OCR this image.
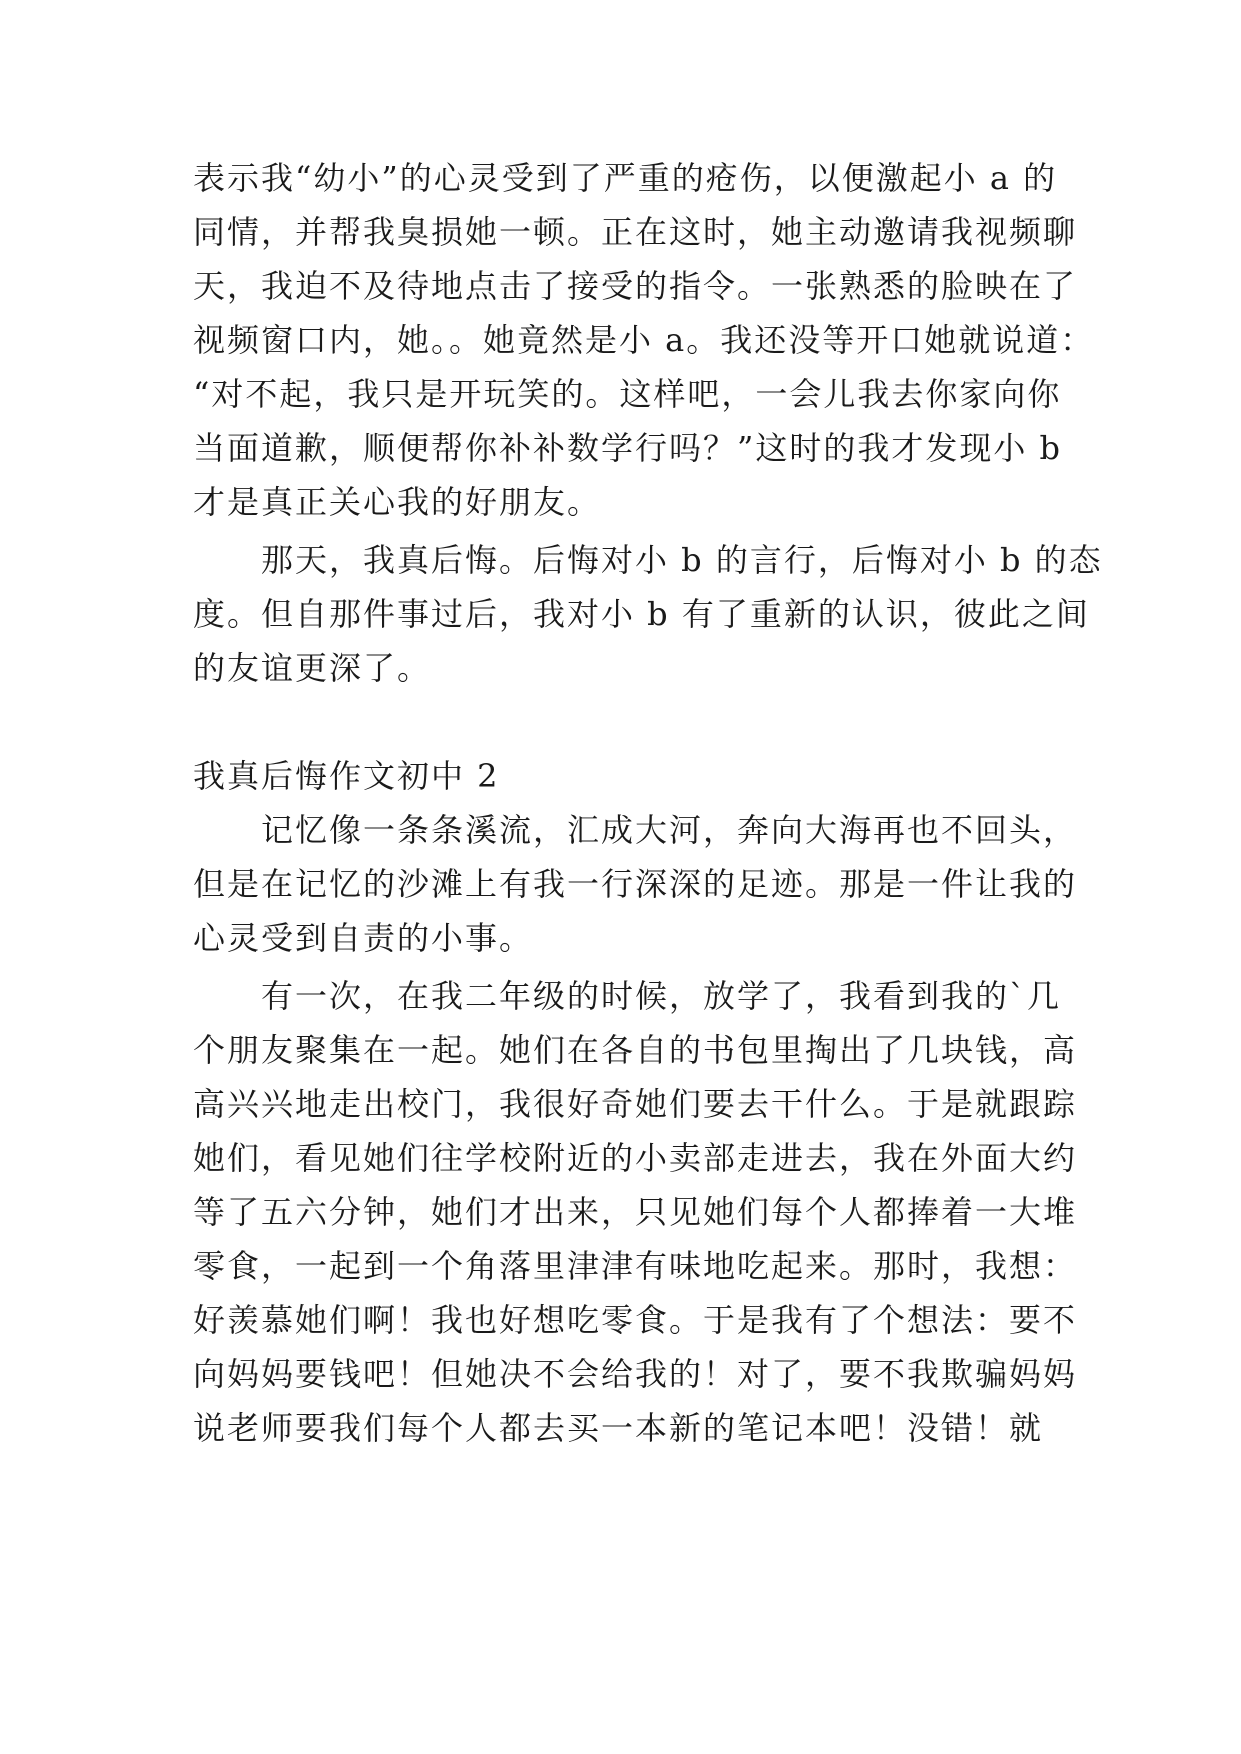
表示我“幼小”的心灵受到了严重的疮伤，以便激起小 a 的
同情，并帮我臭损她一顿。正在这时，她主动邀请我视频聊
天，我迫不及待地点击了接受的指令。一张熟悉的脸映在了
视频窗口内，她。。她竟然是小 a。我还没等开口她就说道：
“对不起，我只是开玩笑的。这样吧，一会儿我去你家向你
当面道歉，顺便帮你补补数学行吗？”这时的我才发现小 b
才是真正关心我的好朋友。
　　那天，我真后悔。后悔对小 b 的言行，后悔对小 b 的态
度。但自那件事过后，我对小 b 有了重新的认识，彼此之间
的友谊更深了。
我真后悔作文初中 2
　　记忆像一条条溪流，汇成大河，奔向大海再也不回头，
但是在记忆的沙滩上有我一行深深的足迹。那是一件让我的
心灵受到自责的小事。
　　有一次，在我二年级的时候，放学了，我看到我的`几
个朋友聚集在一起。她们在各自的书包里掏出了几块钱，高
高兴兴地走出校门，我很好奇她们要去干什么。于是就跟踪
她们，看见她们往学校附近的小卖部走进去，我在外面大约
等了五六分钟，她们才出来，只见她们每个人都捧着一大堆
零食，一起到一个角落里津津有味地吃起来。那时，我想：
好羡慕她们啊！我也好想吃零食。于是我有了个想法：要不
向妈妈要钱吧！但她决不会给我的！对了，要不我欺骗妈妈
说老师要我们每个人都去买一本新的笔记本吧！没错！就
